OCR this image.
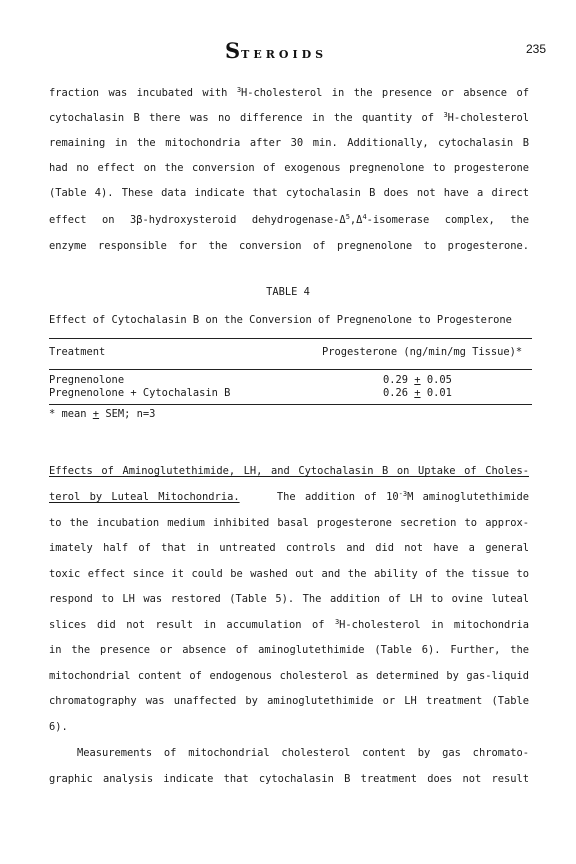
STEROIDS	235
fraction was incubated with $^3$H-cholesterol in the presence or absence of
cytochalasin B there was no difference in the quantity of $^3$H-cholesterol
remaining in the mitochondria after 30 min. Additionally, cytochalasin B
had no effect on the conversion of exogenous pregnenolone to progesterone
(Table 4). These data indicate that cytochalasin B does not have a direct
effect on 3β-hydroxysteroid dehydrogenase-$\Delta^5,\Delta^4$-isomerase complex, the
enzyme responsible for the conversion of pregnenolone to progesterone.
TABLE 4
Effect of Cytochalasin B on the Conversion of Pregnenolone to Progesterone
Treatment	Progesterone (ng/min/mg Tissue)*
Pregnenolone	0.29 + 0.05
Pregnenolone + Cytochalasin B	0.26 + 0.01
* mean + SEM; n=3
Effects of Aminoglutethimide, LH, and Cytochalasin B on Uptake of Choles-
terol by Luteal Mitochondria.	The addition of $10^{-3}M$ aminoglutethimide
to the incubation medium inhibited basal progesterone secretion to approx-
imately half of that in untreated controls and did not have a general
toxic effect since it could be washed out and the ability of the tissue to
respond to LH was restored (Table 5). The addition of LH to ovine luteal
slices did not result in accumulation of $^3$H-cholesterol in mitochondria
in the presence or absence of aminoglutethimide (Table 6). Further, the
mitochondrial content of endogenous cholesterol as determined by gas-liquid
chromatography was unaffected by aminoglutethimide or LH treatment (Table
6).
Measurements of mitochondrial cholesterol content by gas chromato-
graphic analysis indicate that cytochalasin B treatment does not result
